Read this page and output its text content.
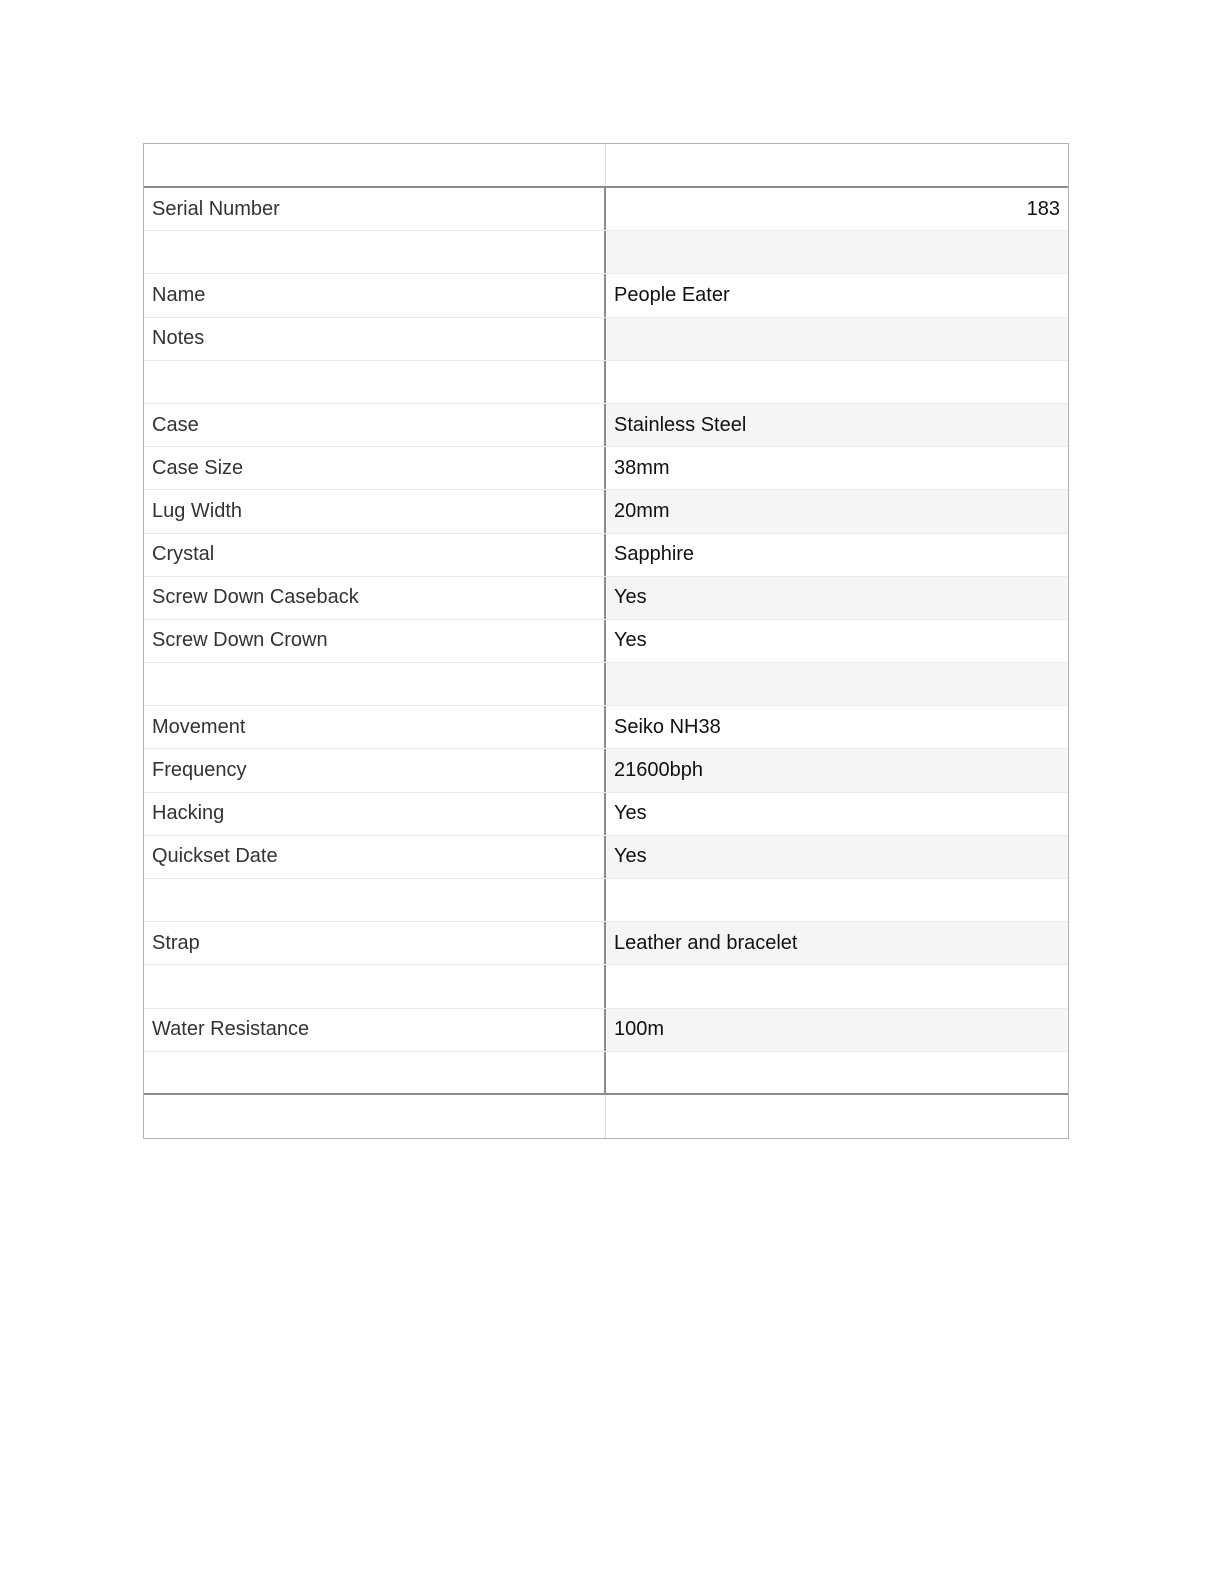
Serial Number	183
Name	People Eater
Notes
Case	Stainless Steel
Case Size	38mm
Lug Width	20mm
Crystal	Sapphire
Screw Down Caseback	Yes
Screw Down Crown	Yes
Movement	Seiko NH38
Frequency	21600bph
Hacking	Yes
Quickset Date	Yes
Strap	Leather and bracelet
Water Resistance	100m
